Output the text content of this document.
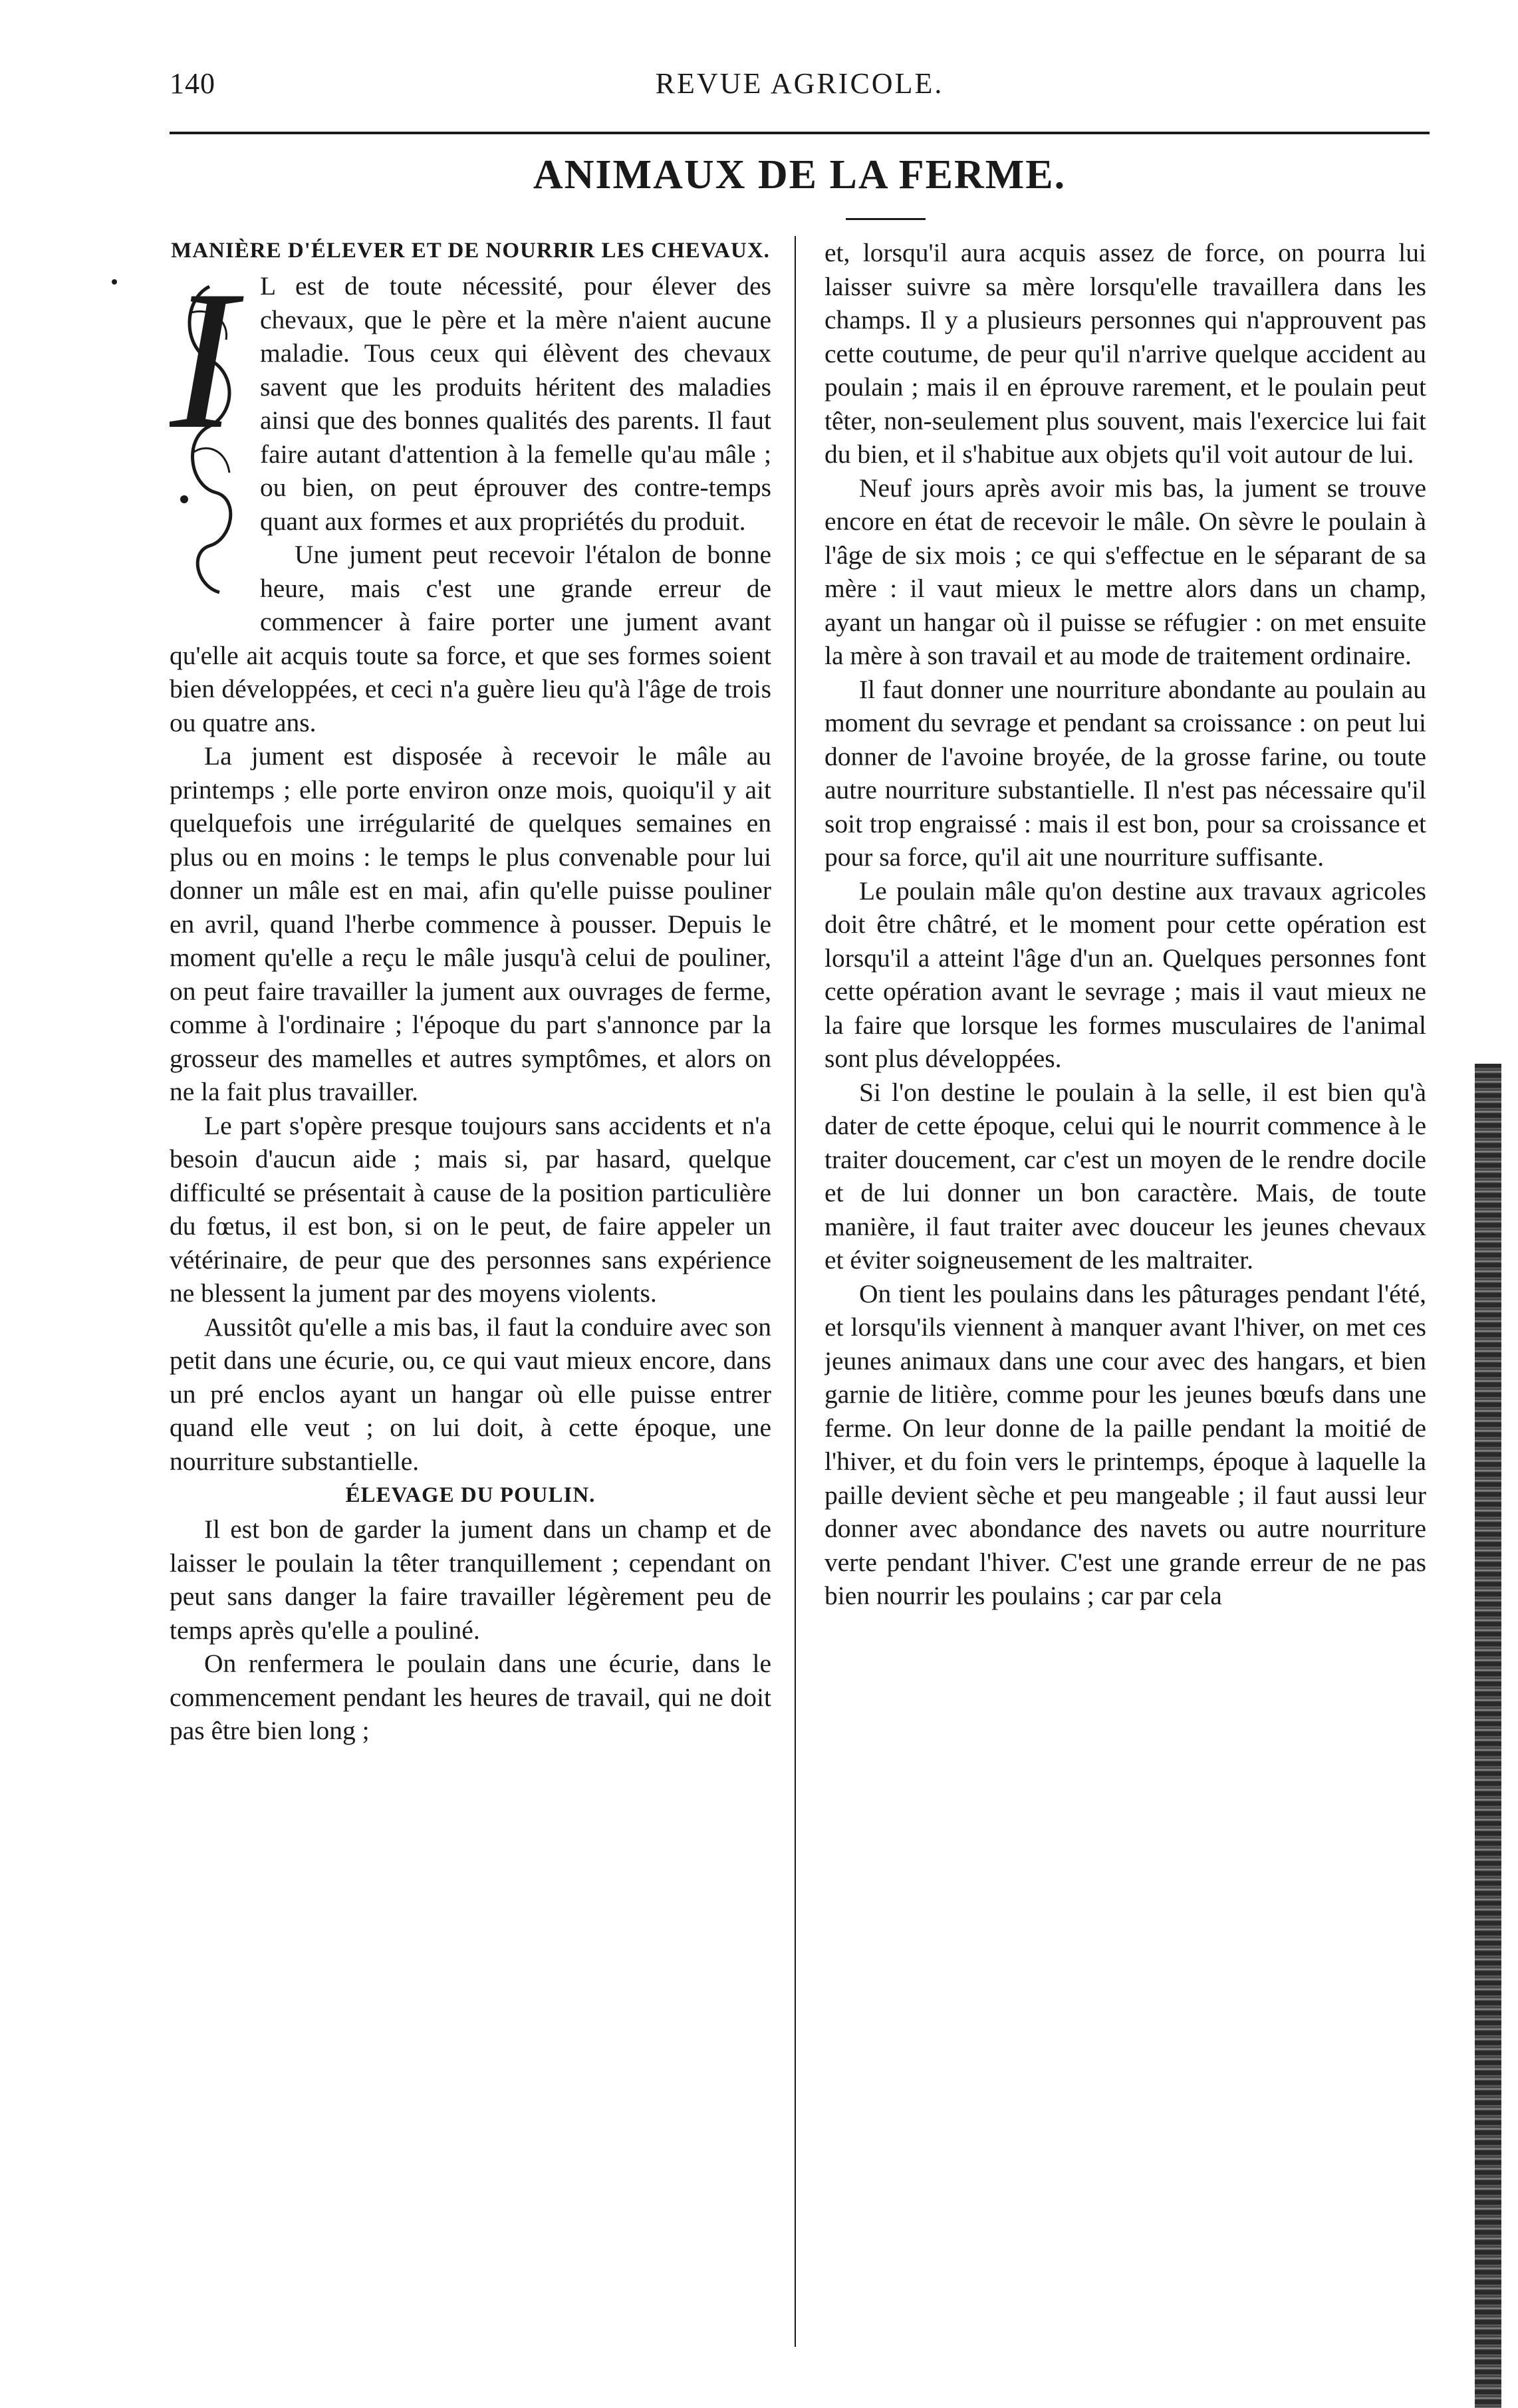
140	REVUE AGRICOLE.
ANIMAUX DE LA FERME.
MANIÈRE D'ÉLEVER ET DE NOURRIR LES CHEVAUX.
I L est de toute nécessité, pour élever des chevaux, que le père et la mère n'aient aucune maladie. Tous ceux qui élèvent des chevaux savent que les produits héritent des maladies ainsi que des bonnes qualités des parents. Il faut faire autant d'attention à la femelle qu'au mâle ; ou bien, on peut éprouver des contre-temps quant aux formes et aux propriétés du produit.

Une jument peut recevoir l'étalon de bonne heure, mais c'est une grande erreur de commencer à faire porter une jument avant qu'elle ait acquis toute sa force, et que ses formes soient bien développées, et ceci n'a guère lieu qu'à l'âge de trois ou quatre ans.

La jument est disposée à recevoir le mâle au printemps ; elle porte environ onze mois, quoiqu'il y ait quelquefois une irrégularité de quelques semaines en plus ou en moins : le temps le plus convenable pour lui donner un mâle est en mai, afin qu'elle puisse pouliner en avril, quand l'herbe commence à pousser. Depuis le moment qu'elle a reçu le mâle jusqu'à celui de pouliner, on peut faire travailler la jument aux ouvrages de ferme, comme à l'ordinaire ; l'époque du part s'annonce par la grosseur des mamelles et autres symptômes, et alors on ne la fait plus travailler.

Le part s'opère presque toujours sans accidents et n'a besoin d'aucun aide ; mais si, par hasard, quelque difficulté se présentait à cause de la position particulière du fœtus, il est bon, si on le peut, de faire appeler un vétérinaire, de peur que des personnes sans expérience ne blessent la jument par des moyens violents.

Aussitôt qu'elle a mis bas, il faut la conduire avec son petit dans une écurie, ou, ce qui vaut mieux encore, dans un pré enclos ayant un hangar où elle puisse entrer quand elle veut ; on lui doit, à cette époque, une nourriture substantielle.

ÉLEVAGE DU POULIN.

Il est bon de garder la jument dans un champ et de laisser le poulain la têter tranquillement ; cependant on peut sans danger la faire travailler légèrement peu de temps après qu'elle a pouliné.

On renfermera le poulain dans une écurie, dans le commencement pendant les heures de travail, qui ne doit pas être bien long ;

et, lorsqu'il aura acquis assez de force, on pourra lui laisser suivre sa mère lorsqu'elle travaillera dans les champs. Il y a plusieurs personnes qui n'approuvent pas cette coutume, de peur qu'il n'arrive quelque accident au poulain ; mais il en éprouve rarement, et le poulain peut têter, non-seulement plus souvent, mais l'exercice lui fait du bien, et il s'habitue aux objets qu'il voit autour de lui.

Neuf jours après avoir mis bas, la jument se trouve encore en état de recevoir le mâle. On sèvre le poulain à l'âge de six mois ; ce qui s'effectue en le séparant de sa mère : il vaut mieux le mettre alors dans un champ, ayant un hangar où il puisse se réfugier : on met ensuite la mère à son travail et au mode de traitement ordinaire.

Il faut donner une nourriture abondante au poulain au moment du sevrage et pendant sa croissance : on peut lui donner de l'avoine broyée, de la grosse farine, ou toute autre nourriture substantielle. Il n'est pas nécessaire qu'il soit trop engraissé : mais il est bon, pour sa croissance et pour sa force, qu'il ait une nourriture suffisante.

Le poulain mâle qu'on destine aux travaux agricoles doit être châtré, et le moment pour cette opération est lorsqu'il a atteint l'âge d'un an. Quelques personnes font cette opération avant le sevrage ; mais il vaut mieux ne la faire que lorsque les formes musculaires de l'animal sont plus développées.

Si l'on destine le poulain à la selle, il est bien qu'à dater de cette époque, celui qui le nourrit commence à le traiter doucement, car c'est un moyen de le rendre docile et de lui donner un bon caractère. Mais, de toute manière, il faut traiter avec douceur les jeunes chevaux et éviter soigneusement de les maltraiter.

On tient les poulains dans les pâturages pendant l'été, et lorsqu'ils viennent à manquer avant l'hiver, on met ces jeunes animaux dans une cour avec des hangars, et bien garnie de litière, comme pour les jeunes bœufs dans une ferme. On leur donne de la paille pendant la moitié de l'hiver, et du foin vers le printemps, époque à laquelle la paille devient sèche et peu mangeable ; il faut aussi leur donner avec abondance des navets ou autre nourriture verte pendant l'hiver. C'est une grande erreur de ne pas bien nourrir les poulains ; car par cela
